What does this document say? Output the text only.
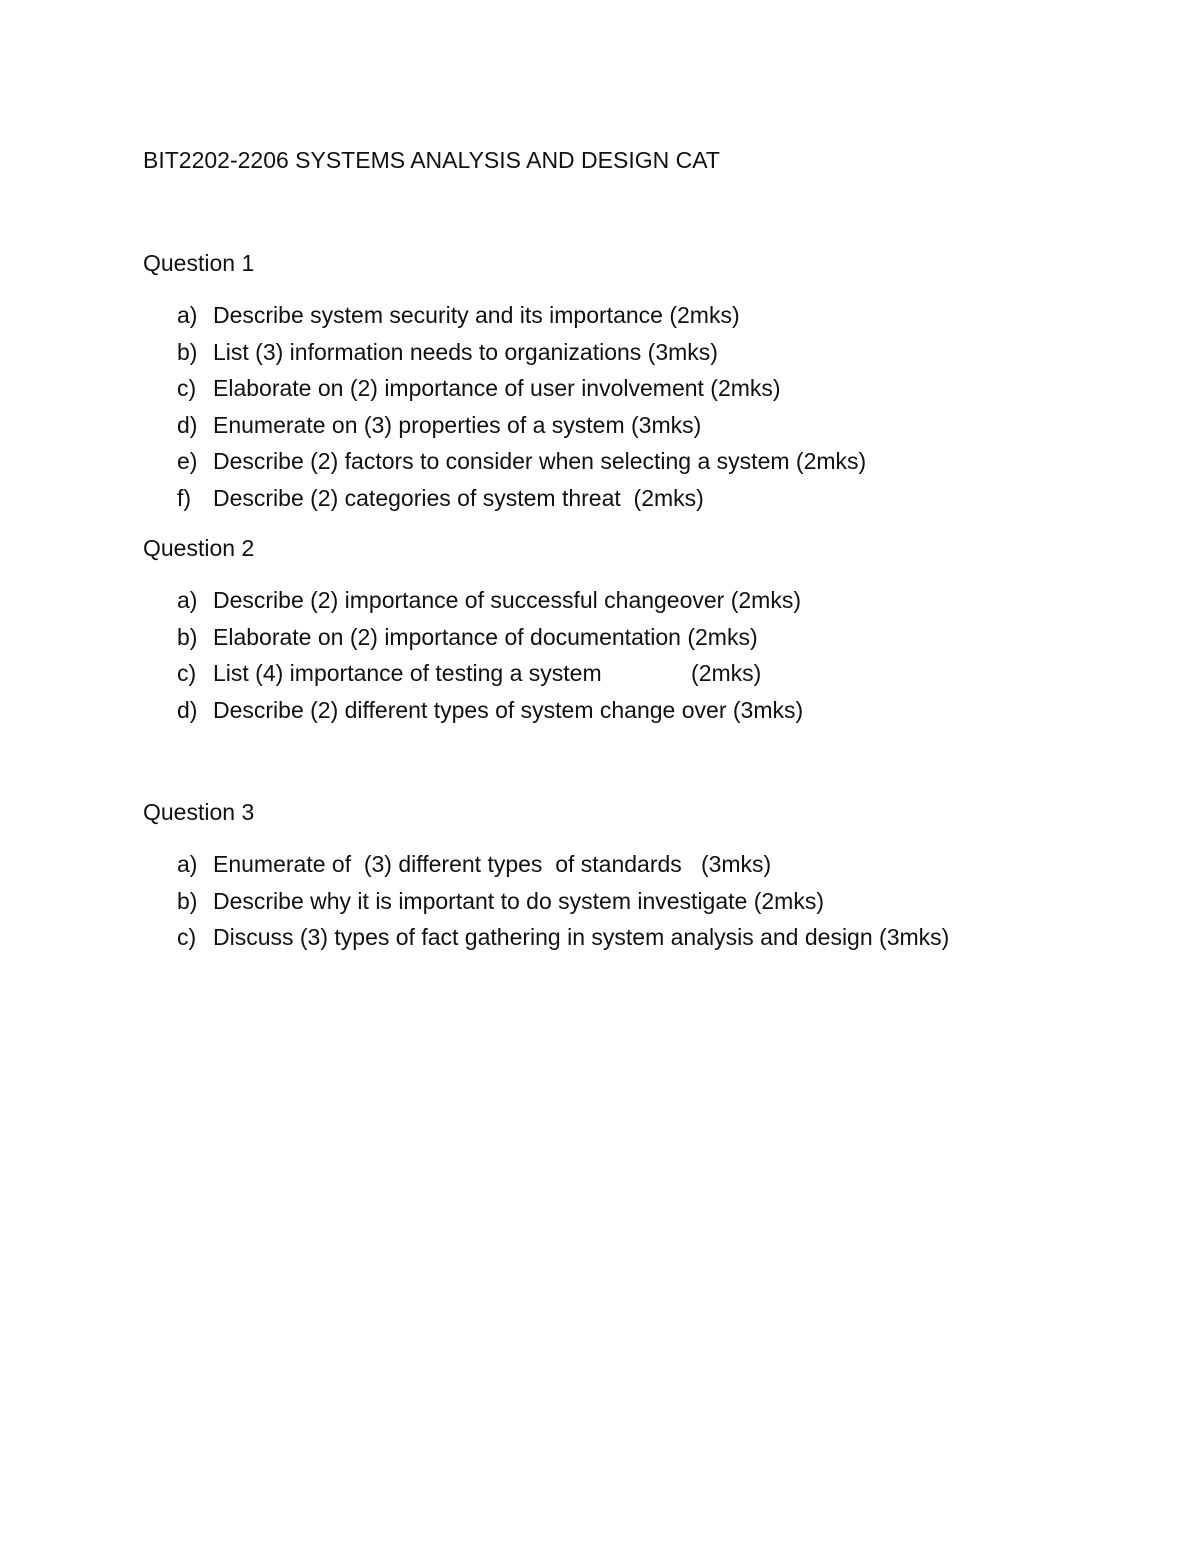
BIT2202-2206 SYSTEMS ANALYSIS AND DESIGN CAT
Question 1

a)

Describe system security and its importance (2mks)

b)

List (3) information needs to organizations (3mks)

c)

Elaborate on (2) importance of user involvement (2mks)

d)

Enumerate on (3) properties of a system (3mks)

e)

Describe (2) factors to consider when selecting a system (2mks)

f)

Describe (2) categories of system threat  (2mks)

Question 2

a)

Describe (2) importance of successful changeover (2mks)

b)

Elaborate on (2) importance of documentation (2mks)

c)

List (4) importance of testing a system              (2mks)

d)

Describe (2) different types of system change over (3mks)

Question 3

a)

Enumerate of  (3) different types  of standards   (3mks)

b)

Describe why it is important to do system investigate (2mks)

c)

Discuss (3) types of fact gathering in system analysis and design (3mks)
